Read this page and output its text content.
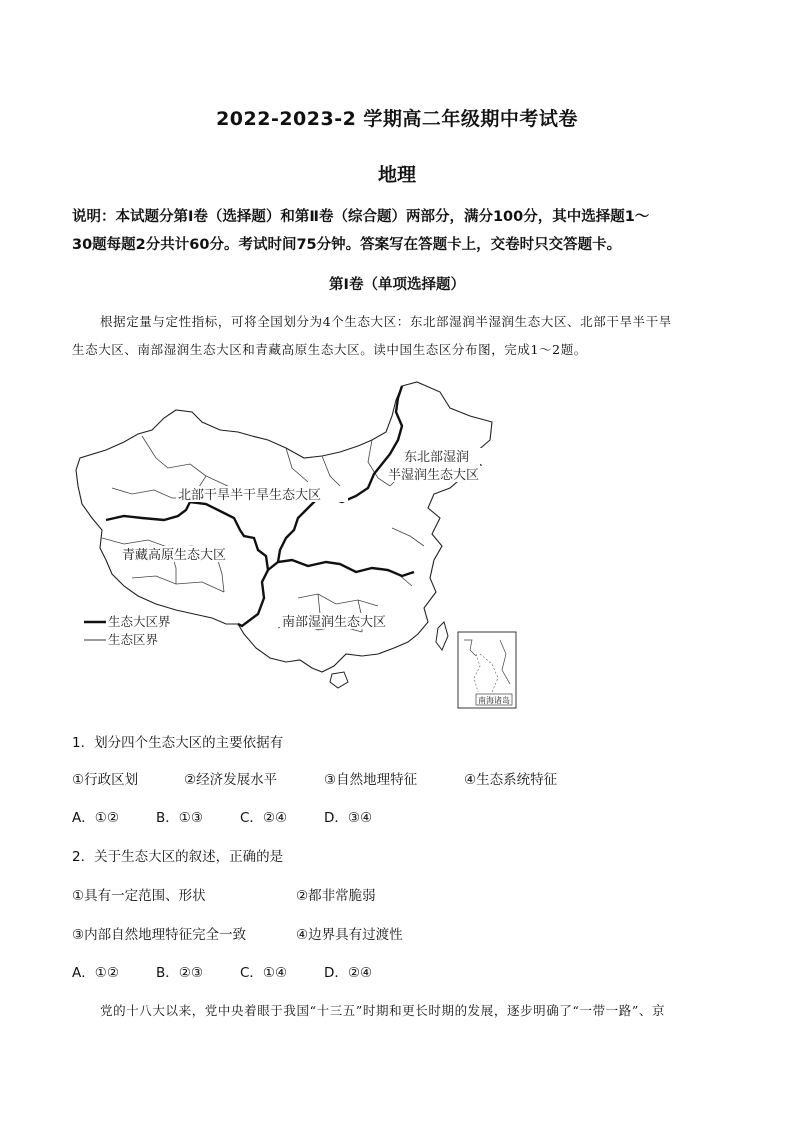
2022-2023-2 学期高二年级期中考试卷
地理
说明：本试题分第Ⅰ卷（选择题）和第Ⅱ卷（综合题）两部分，满分100分，其中选择题1～
30题每题2分共计60分。考试时间75分钟。答案写在答题卡上，交卷时只交答题卡。
第Ⅰ卷（单项选择题）
根据定量与定性指标，可将全国划分为4个生态大区：东北部湿润半湿润生态大区、北部干旱半干旱
生态大区、南部湿润生态大区和青藏高原生态大区。读中国生态区分布图，完成1～2题。
东北部湿润
半湿润生态大区
北部干旱半干旱生态大区
青藏高原生态大区
南部湿润生态大区
生态大区界
生态区界
南海诸岛
1．划分四个生态大区的主要依据有
①行政区划	②经济发展水平	③自然地理特征	④生态系统特征
A．①②	B．①③	C．②④	D．③④
2．关于生态大区的叙述，正确的是
①具有一定范围、形状	②都非常脆弱
③内部自然地理特征完全一致	④边界具有过渡性
A．①②	B．②③	C．①④	D．②④
党的十八大以来，党中央着眼于我国“十三五”时期和更长时期的发展，逐步明确了“一带一路”、京
